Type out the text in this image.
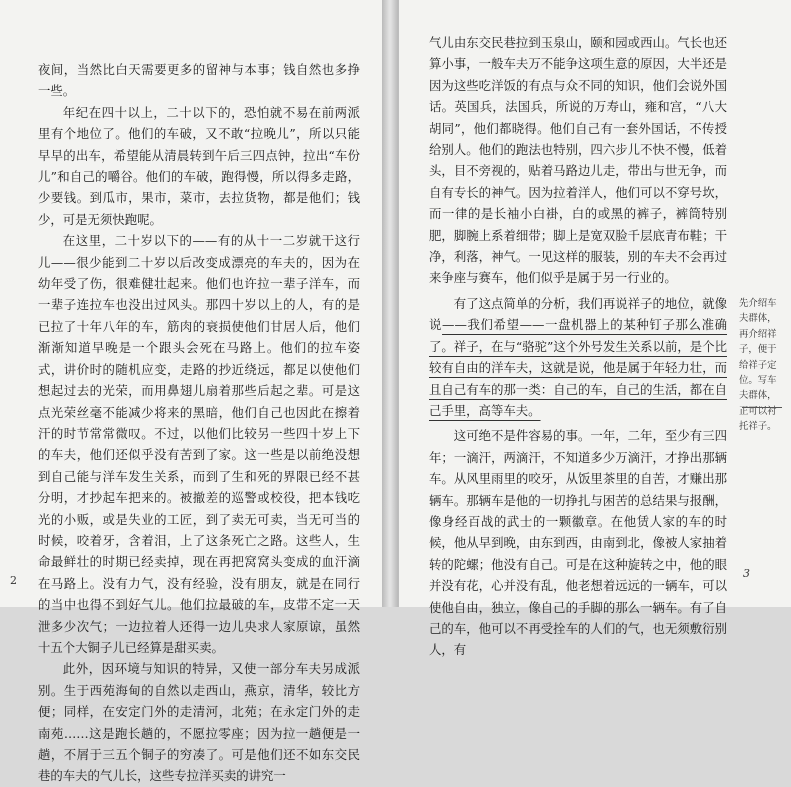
夜间，当然比白天需要更多的留神与本事；钱自然也多挣一些。

年纪在四十以上，二十以下的，恐怕就不易在前两派里有个地位了。他们的车破，又不敢“拉晚儿”，所以只能早早的出车，希望能从清晨转到午后三四点钟，拉出“车份儿”和自己的嚼谷。他们的车破，跑得慢，所以得多走路，少要钱。到瓜市，果市，菜市，去拉货物，都是他们；钱少，可是无须快跑呢。

在这里，二十岁以下的——有的从十一二岁就干这行儿——很少能到二十岁以后改变成漂亮的车夫的，因为在幼年受了伤，很难健壮起来。他们也许拉一辈子洋车，而一辈子连拉车也没出过风头。那四十岁以上的人，有的是已拉了十年八年的车，筋肉的衰损使他们甘居人后，他们渐渐知道早晚是一个跟头会死在马路上。他们的拉车姿式，讲价时的随机应变，走路的抄近绕远，都足以使他们想起过去的光荣，而用鼻翅儿扇着那些后起之辈。可是这点光荣丝毫不能减少将来的黑暗，他们自己也因此在擦着汗的时节常常微叹。不过，以他们比较另一些四十岁上下的车夫，他们还似乎没有苦到了家。这一些是以前绝没想到自己能与洋车发生关系，而到了生和死的界限已经不甚分明，才抄起车把来的。被撤差的巡警或校役，把本钱吃光的小贩，或是失业的工匠，到了卖无可卖，当无可当的时候，咬着牙，含着泪，上了这条死亡之路。这些人，生命最鲜壮的时期已经卖掉，现在再把窝窝头变成的血汗滴在马路上。没有力气，没有经验，没有朋友，就是在同行的当中也得不到好气儿。他们拉最破的车，皮带不定一天泄多少次气；一边拉着人还得一边儿央求人家原谅，虽然十五个大铜子儿已经算是甜买卖。

此外，因环境与知识的特异，又使一部分车夫另成派别。生于西苑海甸的自然以走西山，燕京，清华，较比方便；同样，在安定门外的走清河，北苑；在永定门外的走南苑……这是跑长趟的，不愿拉零座；因为拉一趟便是一趟，不屑于三五个铜子的穷凑了。可是他们还不如东交民巷的车夫的气儿长，这些专拉洋买卖的讲究一

2

气儿由东交民巷拉到玉泉山，颐和园或西山。气长也还算小事，一般车夫万不能争这项生意的原因，大半还是因为这些吃洋饭的有点与众不同的知识，他们会说外国话。英国兵，法国兵，所说的万寿山，雍和宫，“八大胡同”，他们都晓得。他们自己有一套外国话，不传授给别人。他们的跑法也特别，四六步儿不快不慢，低着头，目不旁视的，贴着马路边儿走，带出与世无争，而自有专长的神气。因为拉着洋人，他们可以不穿号坎，而一律的是长袖小白褂，白的或黑的裤子，裤筒特别肥，脚腕上系着细带；脚上是宽双脸千层底青布鞋；干净，利落，神气。一见这样的服装，别的车夫不会再过来争座与赛车，他们似乎是属于另一行业的。

有了这点简单的分析，我们再说祥子的地位，就像说——我们希望——一盘机器上的某种钉子那么准确了。祥子，在与“骆驼”这个外号发生关系以前，是个比较有自由的洋车夫，这就是说，他是属于年轻力壮，而且自己有车的那一类：自己的车，自己的生活，都在自己手里，高等车夫。

这可绝不是件容易的事。一年，二年，至少有三四年；一滴汗，两滴汗，不知道多少万滴汗，才挣出那辆车。从风里雨里的咬牙，从饭里茶里的自苦，才赚出那辆车。那辆车是他的一切挣扎与困苦的总结果与报酬，像身经百战的武士的一颗徽章。在他赁人家的车的时候，他从早到晚，由东到西，由南到北，像被人家抽着转的陀螺；他没有自己。可是在这种旋转之中，他的眼并没有花，心并没有乱，他老想着远远的一辆车，可以使他自由，独立，像自己的手脚的那么一辆车。有了自己的车，他可以不再受拴车的人们的气，也无须敷衍别人，有

先介绍车夫群体，再介绍祥子，便于给祥子定位。写车夫群体，正可以衬托祥子。
3
